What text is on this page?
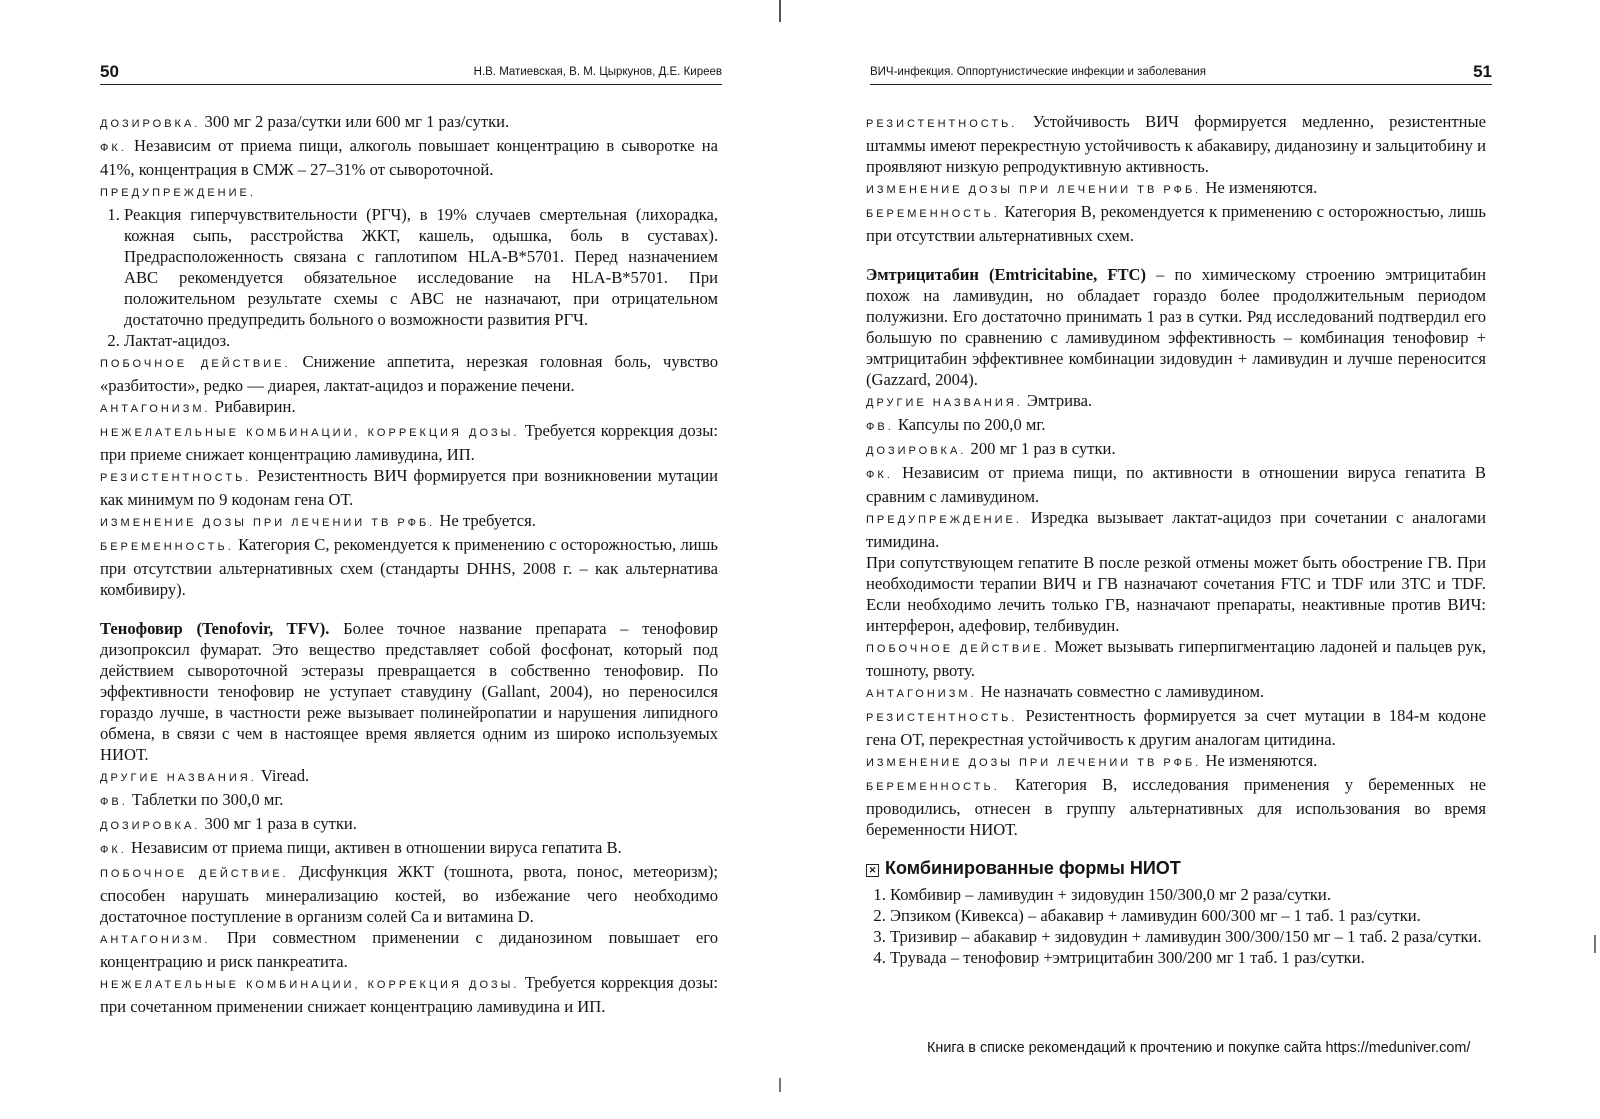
50	Н.В. Матиевская, В. М. Цыркунов, Д.Е. Киреев

ДОЗИРОВКА. 300 мг 2 раза/сутки или 600 мг 1 раз/сутки.

ФК. Независим от приема пищи, алкоголь повышает концентрацию в сыворотке на 41%, концентрация в СМЖ – 27–31% от сывороточной.

ПРЕДУПРЕЖДЕНИЕ.

1. Реакция гиперчувствительности (РГЧ), в 19% случаев смертельная (лихорадка, кожная сыпь, расстройства ЖКТ, кашель, одышка, боль в суставах). Предрасположенность связана с гаплотипом HLA-B*5701. Перед назначением АВС рекомендуется обязательное исследование на HLA-B*5701. При положительном результате схемы с АВС не назначают, при отрицательном достаточно предупредить больного о возможности развития РГЧ.
2. Лактат-ацидоз.

ПОБОЧНОЕ ДЕЙСТВИЕ. Снижение аппетита, нерезкая головная боль, чувство «разбитости», редко — диарея, лактат-ацидоз и поражение печени.

АНТАГОНИЗМ. Рибавирин.

НЕЖЕЛАТЕЛЬНЫЕ КОМБИНАЦИИ, КОРРЕКЦИЯ ДОЗЫ. Требуется коррекция дозы: при приеме снижает концентрацию ламивудина, ИП.

РЕЗИСТЕНТНОСТЬ. Резистентность ВИЧ формируется при возникновении мутации как минимум по 9 кодонам гена ОТ.

ИЗМЕНЕНИЕ ДОЗЫ ПРИ ЛЕЧЕНИИ ТВ РФБ. Не требуется.

БЕРЕМЕННОСТЬ. Категория С, рекомендуется к применению с осторожностью, лишь при отсутствии альтернативных схем (стандарты DHHS, 2008 г. – как альтернатива комбивиру).

Тенофовир (Tenofovir, TFV). Более точное название препарата – тенофовир дизопроксил фумарат. Это вещество представляет собой фосфонат, который под действием сывороточной эстеразы превращается в собственно тенофовир. По эффективности тенофовир не уступает ставудину (Gallant, 2004), но переносился гораздо лучше, в частности реже вызывает полинейропатии и нарушения липидного обмена, в связи с чем в настоящее время является одним из широко используемых НИОТ.

ДРУГИЕ НАЗВАНИЯ. Viread.

ФВ. Таблетки по 300,0 мг.

ДОЗИРОВКА. 300 мг 1 раза в сутки.

ФК. Независим от приема пищи, активен в отношении вируса гепатита В.

ПОБОЧНОЕ ДЕЙСТВИЕ. Дисфункция ЖКТ (тошнота, рвота, понос, метеоризм); способен нарушать минерализацию костей, во избежание чего необходимо достаточное поступление в организм солей Са и витамина D.

АНТАГОНИЗМ. При совместном применении с диданозином повышает его концентрацию и риск панкреатита.

НЕЖЕЛАТЕЛЬНЫЕ КОМБИНАЦИИ, КОРРЕКЦИЯ ДОЗЫ. Требуется коррекция дозы: при сочетанном применении снижает концентрацию ламивудина и ИП.

ВИЧ-инфекция. Оппортунистические инфекции и заболевания	51

РЕЗИСТЕНТНОСТЬ. Устойчивость ВИЧ формируется медленно, резистентные штаммы имеют перекрестную устойчивость к абакавиру, диданозину и зальцитобину и проявляют низкую репродуктивную активность.

ИЗМЕНЕНИЕ ДОЗЫ ПРИ ЛЕЧЕНИИ ТВ РФБ. Не изменяются.

БЕРЕМЕННОСТЬ. Категория В, рекомендуется к применению с осторожностью, лишь при отсутствии альтернативных схем.

Эмтрицитабин (Emtricitabine, FTC) – по химическому строению эмтрицитабин похож на ламивудин, но обладает гораздо более продолжительным периодом полужизни. Его достаточно принимать 1 раз в сутки. Ряд исследований подтвердил его большую по сравнению с ламивудином эффективность – комбинация тенофовир + эмтрицитабин эффективнее комбинации зидовудин + ламивудин и лучше переносится (Gazzard, 2004).

ДРУГИЕ НАЗВАНИЯ. Эмтрива.

ФВ. Капсулы по 200,0 мг.

ДОЗИРОВКА. 200 мг 1 раз в сутки.

ФК. Независим от приема пищи, по активности в отношении вируса гепатита В сравним с ламивудином.

ПРЕДУПРЕЖДЕНИЕ. Изредка вызывает лактат-ацидоз при сочетании с аналогами тимидина.

При сопутствующем гепатите В после резкой отмены может быть обострение ГВ. При необходимости терапии ВИЧ и ГВ назначают сочетания FTC и TDF или 3TC и TDF. Если необходимо лечить только ГВ, назначают препараты, неактивные против ВИЧ: интерферон, адефовир, телбивудин.

ПОБОЧНОЕ ДЕЙСТВИЕ. Может вызывать гиперпигментацию ладоней и пальцев рук, тошноту, рвоту.

АНТАГОНИЗМ. Не назначать совместно с ламивудином.

РЕЗИСТЕНТНОСТЬ. Резистентность формируется за счет мутации в 184-м кодоне гена ОТ, перекрестная устойчивость к другим аналогам цитидина.

ИЗМЕНЕНИЕ ДОЗЫ ПРИ ЛЕЧЕНИИ ТВ РФБ. Не изменяются.

БЕРЕМЕННОСТЬ. Категория В, исследования применения у беременных не проводились, отнесен в группу альтернативных для использования во время беременности НИОТ.

✕ Комбинированные формы НИОТ
1. Комбивир – ламивудин + зидовудин 150/300,0 мг 2 раза/сутки.
2. Эпзиком (Кивекса) – абакавир + ламивудин 600/300 мг – 1 таб. 1 раз/сутки.
3. Тризивир – абакавир + зидовудин + ламивудин 300/300/150 мг – 1 таб. 2 раза/сутки.
4. Трувада – тенофовир +эмтрицитабин 300/200 мг 1 таб. 1 раз/сутки.
Книга в списке рекомендаций к прочтению и покупке сайта https://meduniver.com/
